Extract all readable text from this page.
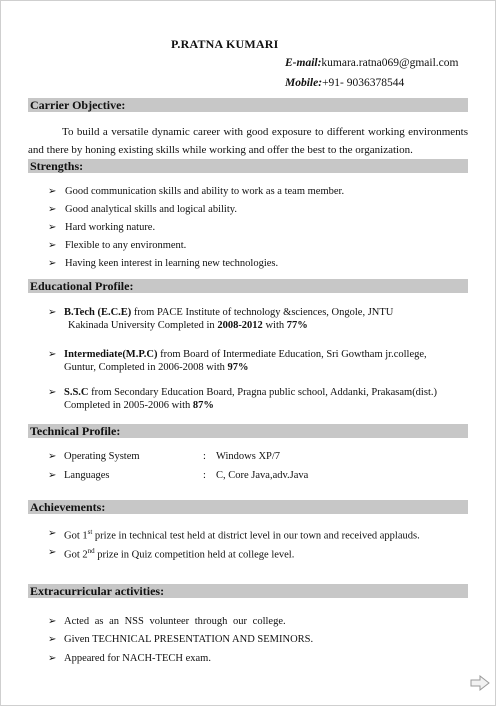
P.RATNA KUMARI
E-mail:kumara.ratna069@gmail.com
Mobile:+91- 9036378544
Carrier Objective:
To build a versatile dynamic career with good exposure to different working environments and there by honing existing skills while working and offer the best to the organization.
Strengths:
➢ Good communication skills and ability to work as a team member.
➢ Good analytical skills and logical ability.
➢ Hard working nature.
➢ Flexible to any environment.
➢ Having keen interest in learning new technologies.
Educational Profile:
➢ B.Tech (E.C.E) from PACE Institute of technology &sciences, Ongole, JNTU
Kakinada University Completed in 2008-2012 with 77%
➢ Intermediate(M.P.C) from Board of Intermediate Education, Sri Gowtham jr.college,
Guntur, Completed in 2006-2008 with 97%
➢ S.S.C from Secondary Education Board, Pragna public school, Addanki, Prakasam(dist.)
Completed in 2005-2006 with 87%
Technical Profile:
➢ Operating System	: Windows XP/7
➢ Languages	: C, Core Java,adv.Java
Achievements:
➢ Got 1st prize in technical test held at district level in our town and received applauds.
➢ Got 2nd prize in Quiz competition held at college level.
Extracurricular activities:
➢ Acted as an NSS volunteer through our college.
➢ Given TECHNICAL PRESENTATION AND SEMINORS.
➢ Appeared for NACH-TECH exam.
